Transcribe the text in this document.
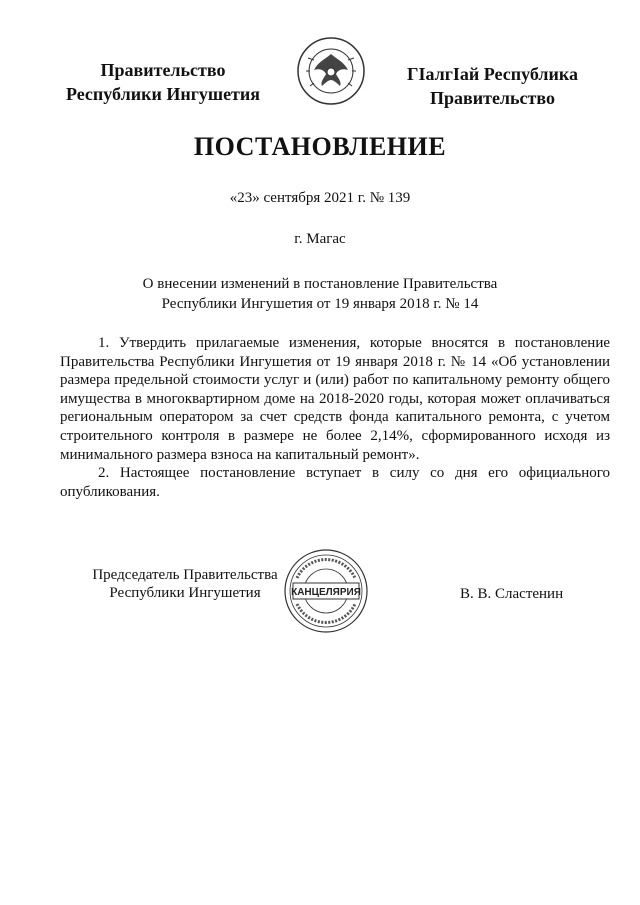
Правительство
Республики Ингушетия
ГIалгIай Республика
Правительство
ПОСТАНОВЛЕНИЕ
«23» сентября 2021 г. № 139
г. Магас
О внесении изменений в постановление Правительства
Республики Ингушетия от 19 января 2018 г. № 14

1. Утвердить прилагаемые изменения, которые вносятся в постановление Правительства Республики Ингушетия от 19 января 2018 г. № 14 «Об установлении размера предельной стоимости услуг и (или) работ по капитальному ремонту общего имущества в многоквартирном доме на 2018-2020 годы, которая может оплачиваться региональным оператором за счет средств фонда капитального ремонта, с учетом строительного контроля в размере не более 2,14%, сформированного исходя из минимального размера взноса на капитальный ремонт».

2. Настоящее постановление вступает в силу со дня его официального опубликования.

Председатель Правительства
Республики Ингушетия	КАНЦЕЛЯРИЯ	В. В. Сластенин
